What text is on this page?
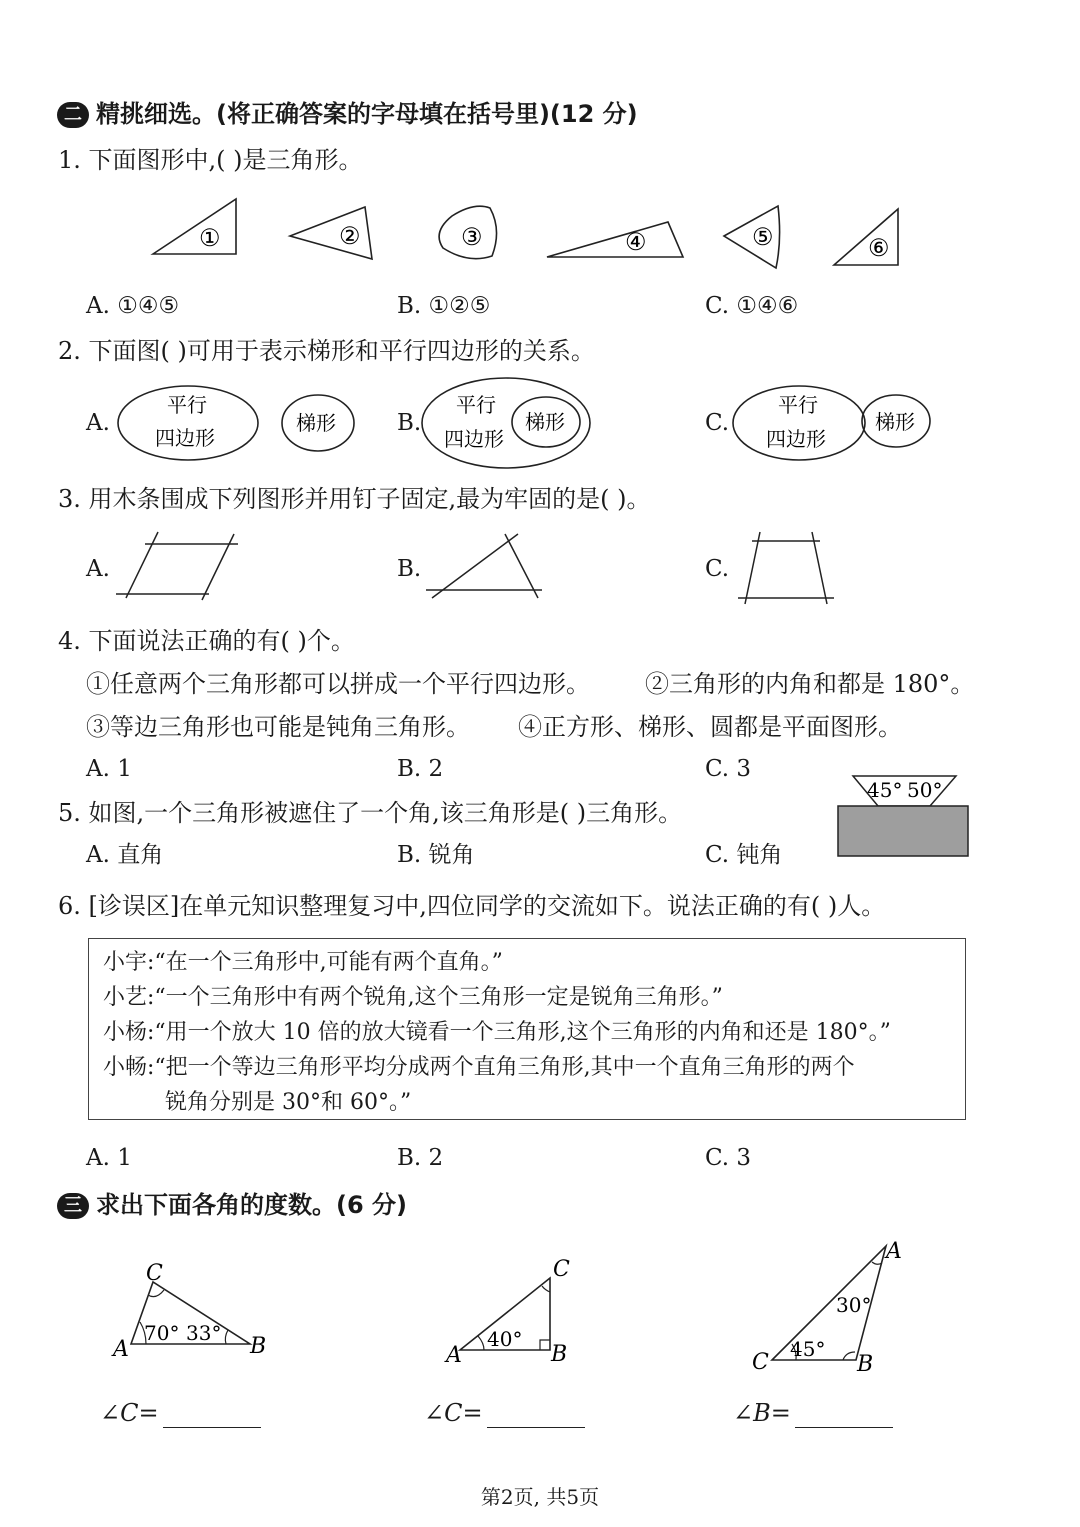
二 精挑细选。(将正确答案的字母填在括号里)(12 分)
1. 下面图形中,( )是三角形。
①	②	③	④	⑤	⑥
A. ①④⑤	B. ①②⑤	C. ①④⑥
2. 下面图( )可用于表示梯形和平行四边形的关系。
A.	B.	C.
平行
四边形
梯形
平行
四边形
梯形
平行
四边形
梯形
3. 用木条围成下列图形并用钉子固定,最为牢固的是( )。
A.	B.	C.
4. 下面说法正确的有( )个。
①任意两个三角形都可以拼成一个平行四边形。 ②三角形的内角和都是 180°。
③等边三角形也可能是钝角三角形。 ④正方形、梯形、圆都是平面图形。
A. 1	B. 2	C. 3
5. 如图,一个三角形被遮住了一个角,该三角形是( )三角形。
A. 直角	B. 锐角	C. 钝角
45° 50°
6. [诊误区]在单元知识整理复习中,四位同学的交流如下。说法正确的有( )人。
小宇:“在一个三角形中,可能有两个直角。”
小艺:“一个三角形中有两个锐角,这个三角形一定是锐角三角形。”
小杨:“用一个放大 10 倍的放大镜看一个三角形,这个三角形的内角和还是 180°。”
小畅:“把一个等边三角形平均分成两个直角三角形,其中一个直角三角形的两个
锐角分别是 30°和 60°。”
A. 1	B. 2	C. 3
三 求出下面各角的度数。(6 分)
C
A	B
70° 33°
C
A	B
40°
A
C	B
30°
45°
∠C=	∠C=	∠B=
第2页, 共5页
